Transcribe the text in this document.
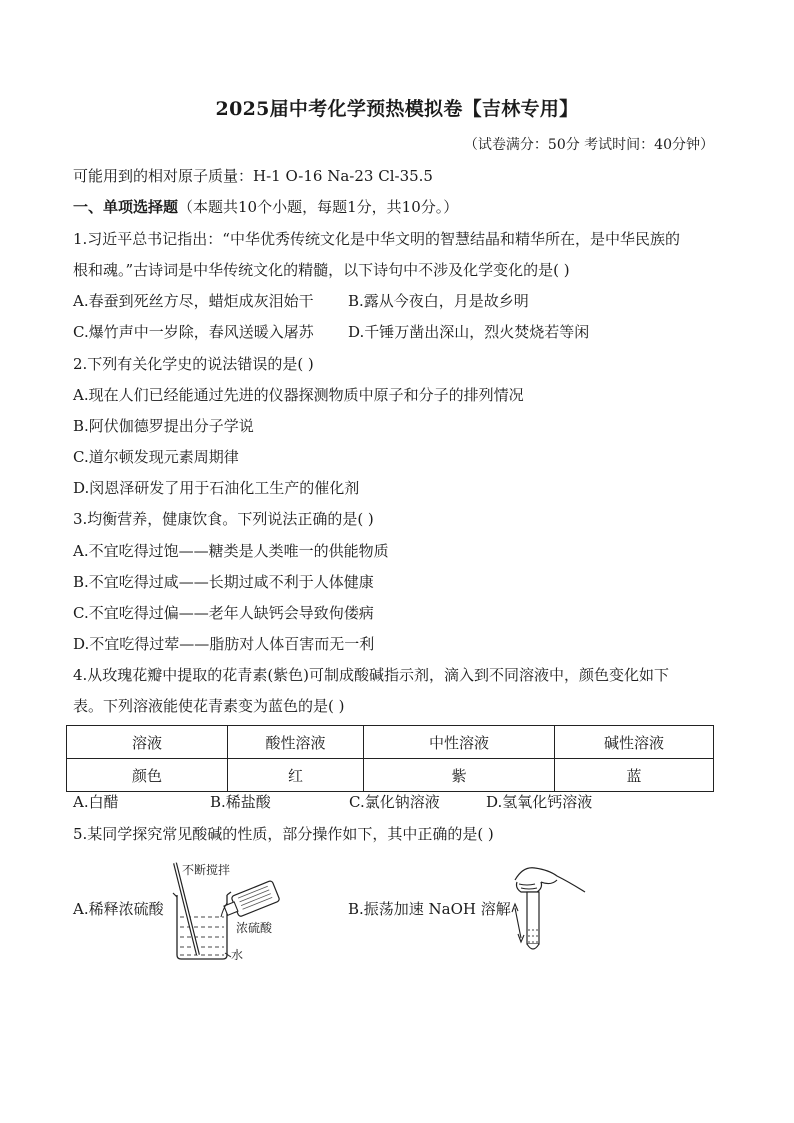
2025届中考化学预热模拟卷【吉林专用】
（试卷满分：50分 考试时间：40分钟）
可能用到的相对原子质量：H-1 O-16 Na-23 Cl-35.5
一、单项选择题（本题共10个小题，每题1分，共10分。）
1.习近平总书记指出：“中华优秀传统文化是中华文明的智慧结晶和精华所在，是中华民族的
根和魂。”古诗词是中华传统文化的精髓，以下诗句中不涉及化学变化的是( )
A.春蚕到死丝方尽，蜡炬成灰泪始干 B.露从今夜白，月是故乡明
C.爆竹声中一岁除，春风送暖入屠苏 D.千锤万凿出深山，烈火焚烧若等闲
2.下列有关化学史的说法错误的是( )
A.现在人们已经能通过先进的仪器探测物质中原子和分子的排列情况
B.阿伏伽德罗提出分子学说
C.道尔顿发现元素周期律
D.闵恩泽研发了用于石油化工生产的催化剂
3.均衡营养，健康饮食。下列说法正确的是( )
A.不宜吃得过饱——糖类是人类唯一的供能物质
B.不宜吃得过咸——长期过咸不利于人体健康
C.不宜吃得过偏——老年人缺钙会导致佝偻病
D.不宜吃得过荤——脂肪对人体百害而无一利
4.从玫瑰花瓣中提取的花青素(紫色)可制成酸碱指示剂，滴入到不同溶液中，颜色变化如下
表。下列溶液能使花青素变为蓝色的是( )
溶液	酸性溶液	中性溶液	碱性溶液
颜色	红	紫	蓝
A.白醋	B.稀盐酸	C.氯化钠溶液	D.氢氧化钙溶液
5.某同学探究常见酸碱的性质，部分操作如下，其中正确的是( )
A.稀释浓硫酸
不断搅拌
浓硫酸
水
B.振荡加速 NaOH 溶解
